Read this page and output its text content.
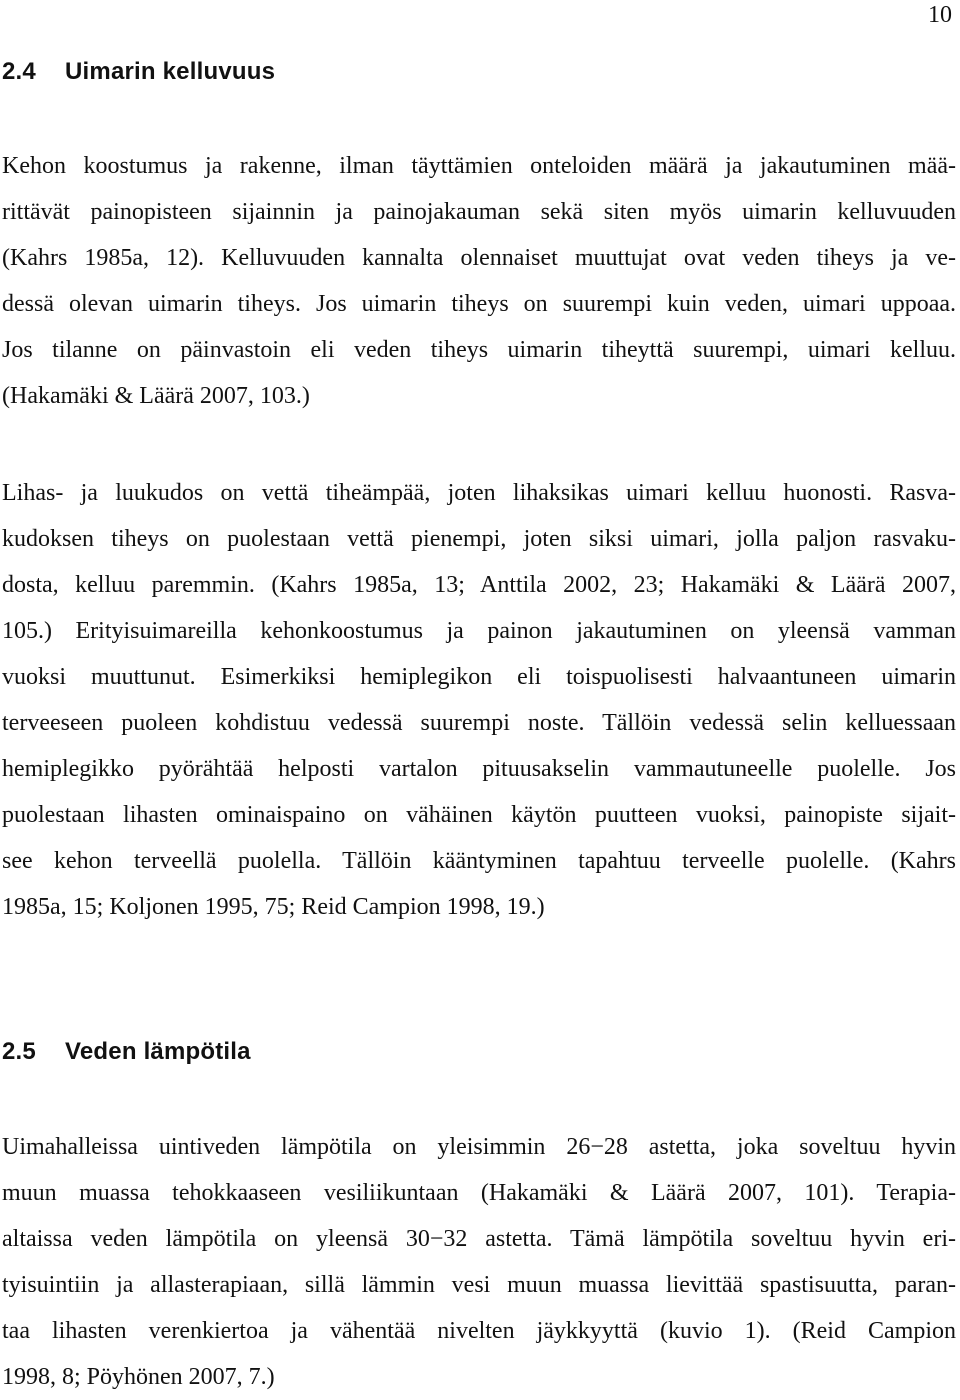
10
2.4 Uimarin kelluvuus
Kehon koostumus ja rakenne, ilman täyttämien onteloiden määrä ja jakautuminen mää-
rittävät painopisteen sijainnin ja painojakauman sekä siten myös uimarin kelluvuuden
(Kahrs 1985a, 12). Kelluvuuden kannalta olennaiset muuttujat ovat veden tiheys ja ve-
dessä olevan uimarin tiheys. Jos uimarin tiheys on suurempi kuin veden, uimari uppoaa.
Jos tilanne on päinvastoin eli veden tiheys uimarin tiheyttä suurempi, uimari kelluu.
(Hakamäki & Läärä 2007, 103.)
Lihas- ja luukudos on vettä tiheämpää, joten lihaksikas uimari kelluu huonosti. Rasva-
kudoksen tiheys on puolestaan vettä pienempi, joten siksi uimari, jolla paljon rasvaku-
dosta, kelluu paremmin. (Kahrs 1985a, 13; Anttila 2002, 23; Hakamäki & Läärä 2007,
105.) Erityisuimareilla kehonkoostumus ja painon jakautuminen on yleensä vamman
vuoksi muuttunut. Esimerkiksi hemiplegikon eli toispuolisesti halvaantuneen uimarin
terveeseen puoleen kohdistuu vedessä suurempi noste. Tällöin vedessä selin kelluessaan
hemiplegikko pyörähtää helposti vartalon pituusakselin vammautuneelle puolelle. Jos
puolestaan lihasten ominaispaino on vähäinen käytön puutteen vuoksi, painopiste sijait-
see kehon terveellä puolella. Tällöin kääntyminen tapahtuu terveelle puolelle. (Kahrs
1985a, 15; Koljonen 1995, 75; Reid Campion 1998, 19.)
2.5 Veden lämpötila
Uimahalleissa uintiveden lämpötila on yleisimmin 26−28 astetta, joka soveltuu hyvin
muun muassa tehokkaaseen vesiliikuntaan (Hakamäki & Läärä 2007, 101). Terapia-
altaissa veden lämpötila on yleensä 30−32 astetta. Tämä lämpötila soveltuu hyvin eri-
tyisuintiin ja allasterapiaan, sillä lämmin vesi muun muassa lievittää spastisuutta, paran-
taa lihasten verenkiertoa ja vähentää nivelten jäykkyyttä (kuvio 1). (Reid Campion
1998, 8; Pöyhönen 2007, 7.)
